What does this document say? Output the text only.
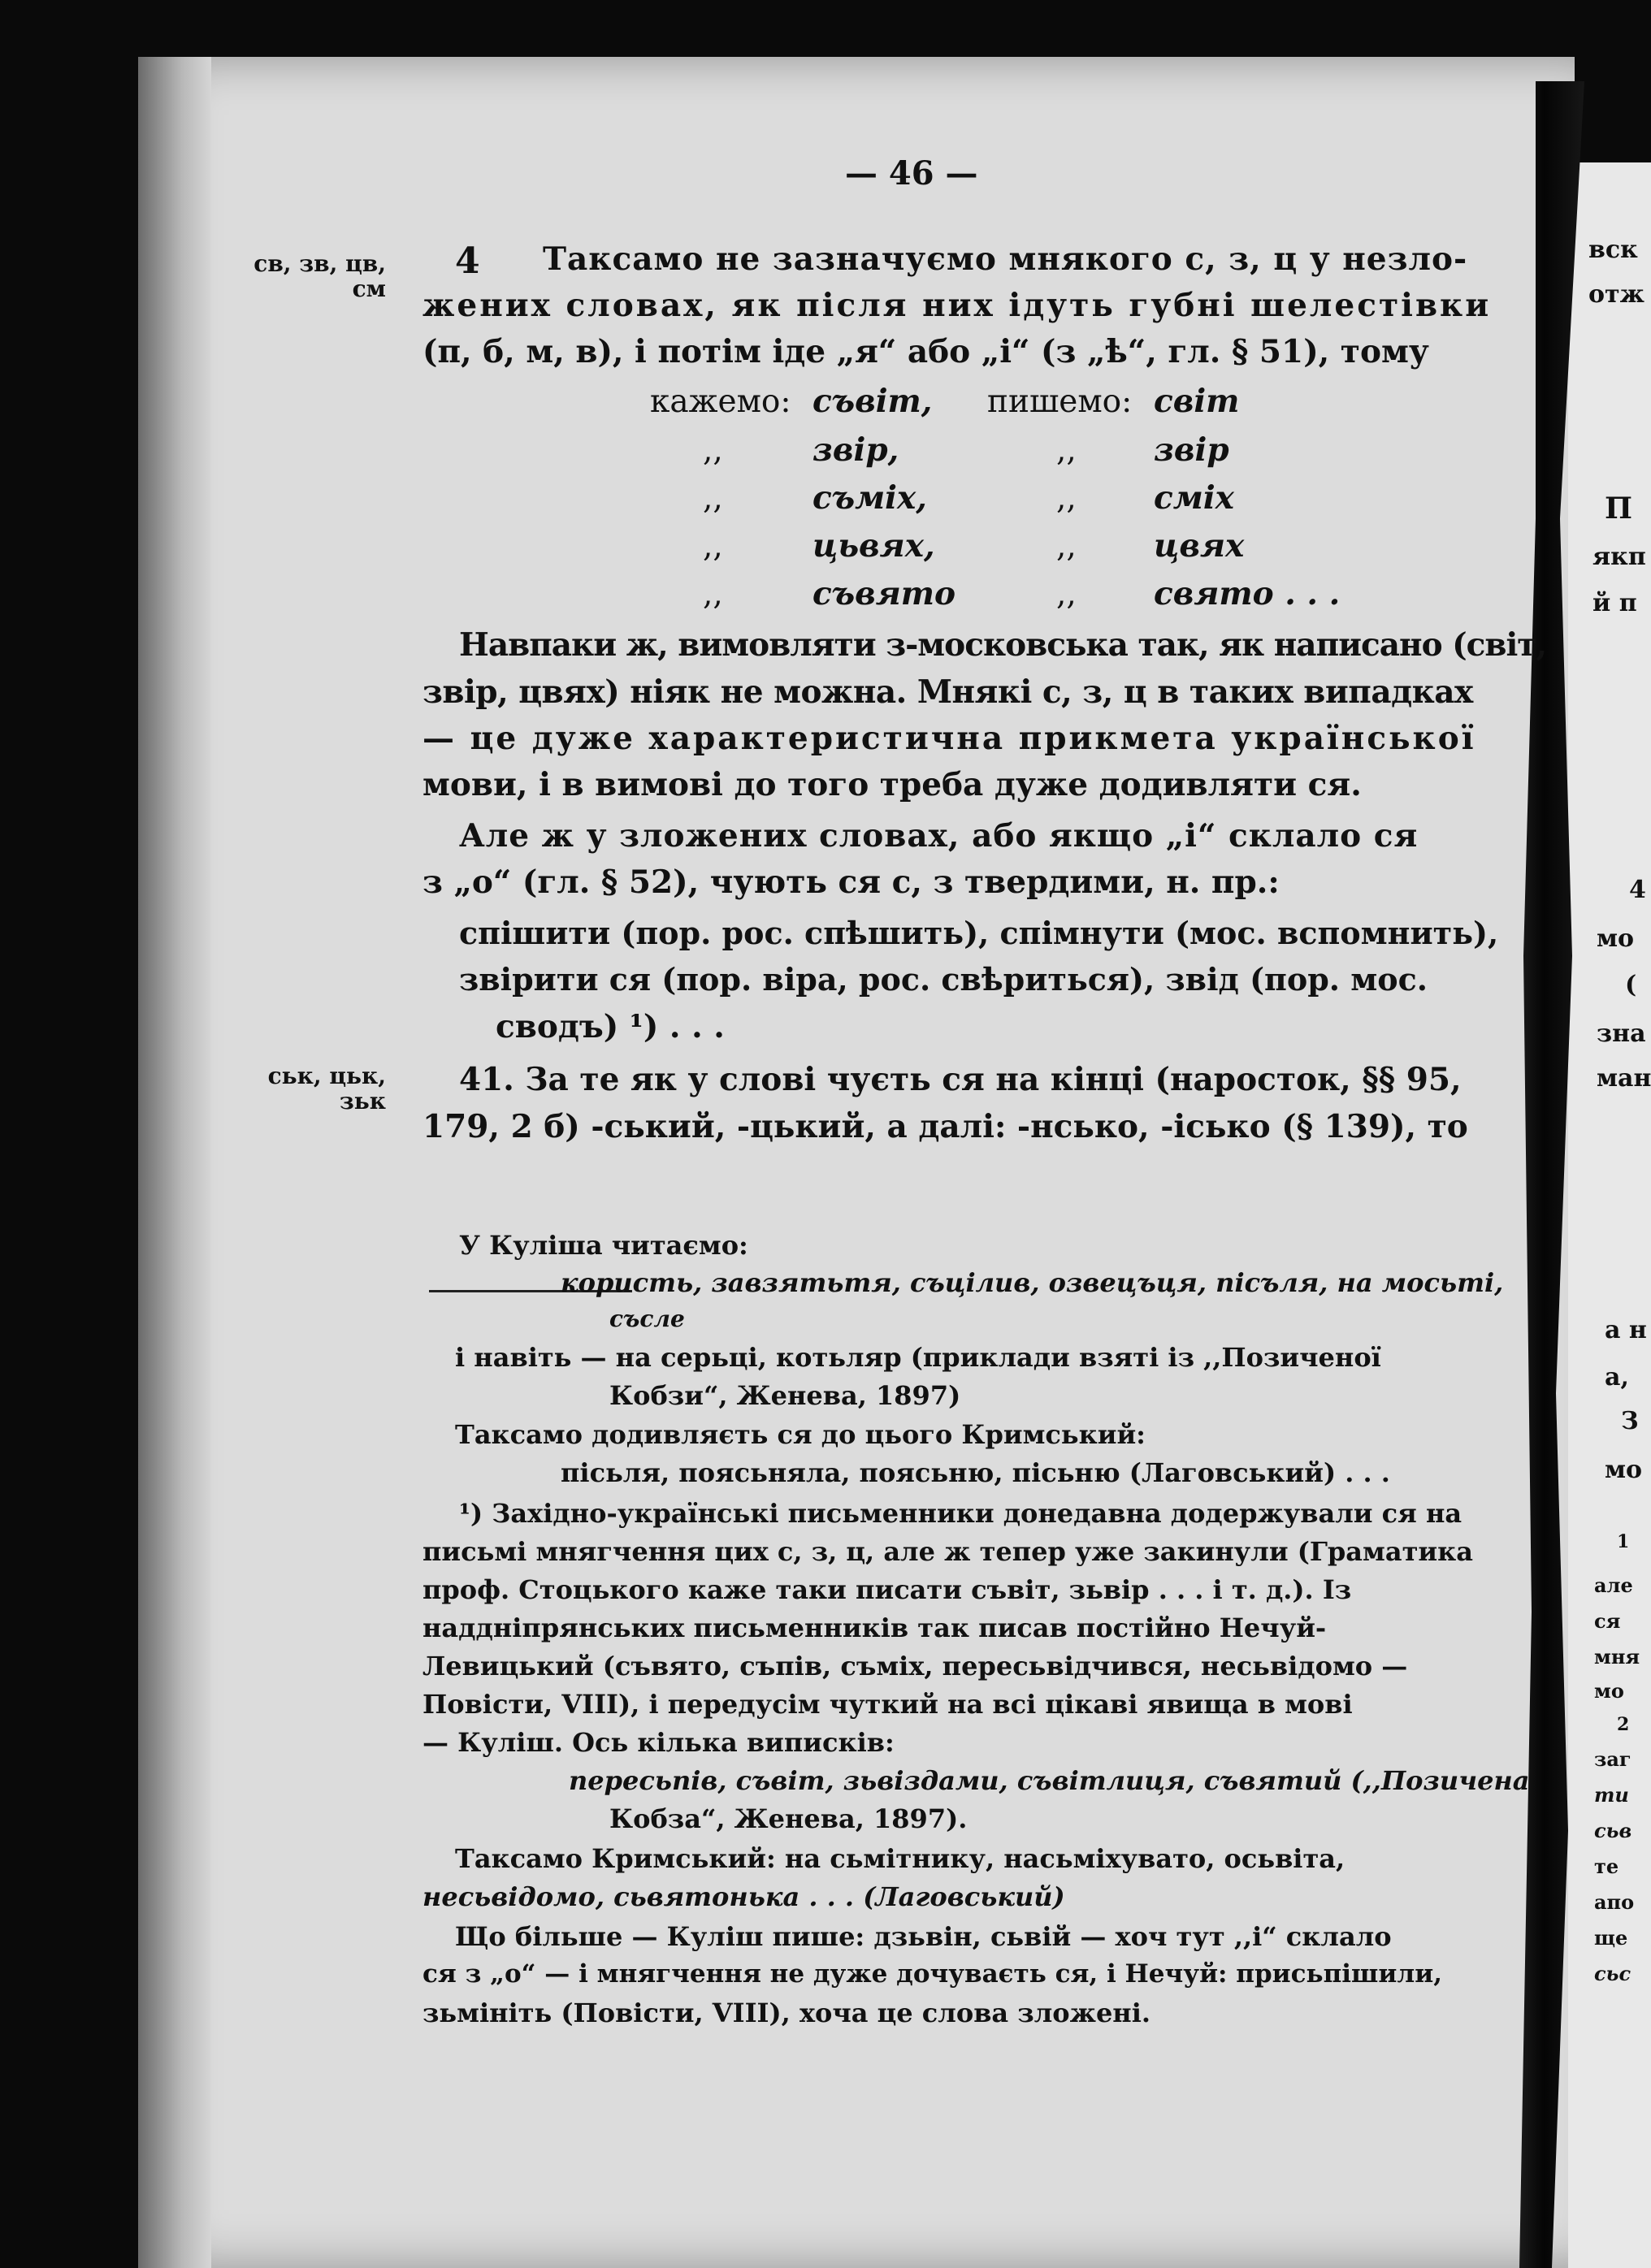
вск
отж
П
якп
й п
4
мо
(
зна
ман
а н
а,
З
мо
1
але
ся
мня
мо
2
заг
ти
сьв
те
апо
ще
сьс
— 46 —
св, зв, цв,
см
ськ, цьк,
зьк
4 Таксамо не зазначуємо мнякого с, з, ц у незло-
жених словах, як після них ідуть губні шелестівки
(п, б, м, в), і потім іде „я“ або „і“ (з „ѣ“, гл. § 51), тому
кажемо: съвіт, пишемо: світ
,,	звір,	,, звір
,,	съміх,	,, сміх
,,	цьвях,	,, цвях
,,	съвято	,, свято . . .
Навпаки ж, вимовляти з-московська так, як написано (світ,
звір, цвях) ніяк не можна. Мнякі с, з, ц в таких випадках
— це дуже характеристична прикмета української
мови, і в вимові до того треба дуже додивляти ся.
Але ж у зложених словах, або якщо „і“ склало ся
з „о“ (гл. § 52), чують ся с, з твердими, н. пр.:
спішити (пор. рос. спѣшить), спімнути (мос. вспомнить),
звірити ся (пор. віра, рос. свѣриться), звід (пор. мос.
сводъ) ¹) . . .
41. За те як у слові чуєть ся на кінці (наросток, §§ 95,
179, 2 б) -ський, -цький, а далі: -нсько, -ісько (§ 139), то
У Куліша читаємо:
користь, завзятьтя, съцілив, озвецъця, пісъля, на мосьті,
съсле
і навіть — на серьці, котьляр (приклади взяті із ,,Позиченої
Кобзи“, Женева, 1897)
Таксамо додивляєть ся до цього Кримський:
пісьля, поясьняла, поясьню, пісьню (Лаговський) . . .
¹) Західно-українські письменники донедавна додержували ся на
письмі мнягчення цих с, з, ц, але ж тепер уже закинули (Граматика
проф. Стоцького каже таки писати съвіт, зьвір . . . і т. д.). Із
наддніпрянських письменників так писав постійно Нечуй-
Левицький (съвято, съпів, съміх, пересьвідчився, несьвідомо —
Повісти, VIII), і передусім чуткий на всі цікаві явища в мові
— Куліш. Ось кілька виписків:
пересьпів, съвіт, зьвіздами, съвітлиця, съвятий (,,Позичена
Кобза“, Женева, 1897).
Таксамо Кримський: на сьмітнику, насьміхувато, осьвіта,
несьвідомо, сьвятонька . . . (Лаговський)
Що більше — Куліш пише: дзьвін, сьвій — хоч тут ,,і“ склало
ся з „о“ — і мнягчення не дуже дочуваєть ся, і Нечуй: присьпішили,
зьмініть (Повісти, VIII), хоча це слова зложені.
